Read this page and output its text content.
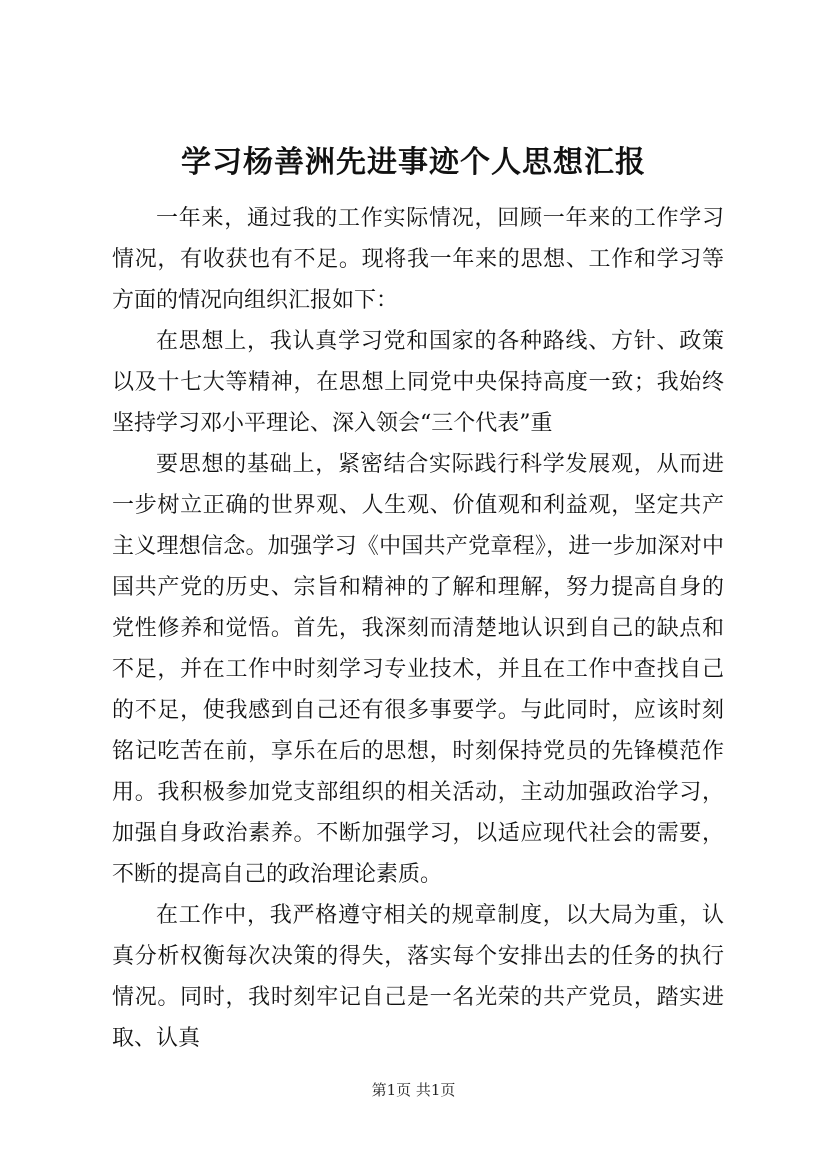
学习杨善洲先进事迹个人思想汇报

一年来，通过我的工作实际情况，回顾一年来的工作学习情况，有收获也有不足。现将我一年来的思想、工作和学习等方面的情况向组织汇报如下：

在思想上，我认真学习党和国家的各种路线、方针、政策以及十七大等精神，在思想上同党中央保持高度一致；我始终坚持学习邓小平理论、深入领会“三个代表”重

要思想的基础上，紧密结合实际践行科学发展观，从而进一步树立正确的世界观、人生观、价值观和利益观，坚定共产主义理想信念。加强学习《中国共产党章程》，进一步加深对中国共产党的历史、宗旨和精神的了解和理解，努力提高自身的党性修养和觉悟。首先，我深刻而清楚地认识到自己的缺点和不足，并在工作中时刻学习专业技术，并且在工作中查找自己的不足，使我感到自己还有很多事要学。与此同时，应该时刻铭记吃苦在前，享乐在后的思想，时刻保持党员的先锋模范作用。我积极参加党支部组织的相关活动，主动加强政治学习，加强自身政治素养。不断加强学习，以适应现代社会的需要，不断的提高自己的政治理论素质。

在工作中，我严格遵守相关的规章制度，以大局为重，认真分析权衡每次决策的得失，落实每个安排出去的任务的执行情况。同时，我时刻牢记自己是一名光荣的共产党员，踏实进取、认真

第1页 共1页
